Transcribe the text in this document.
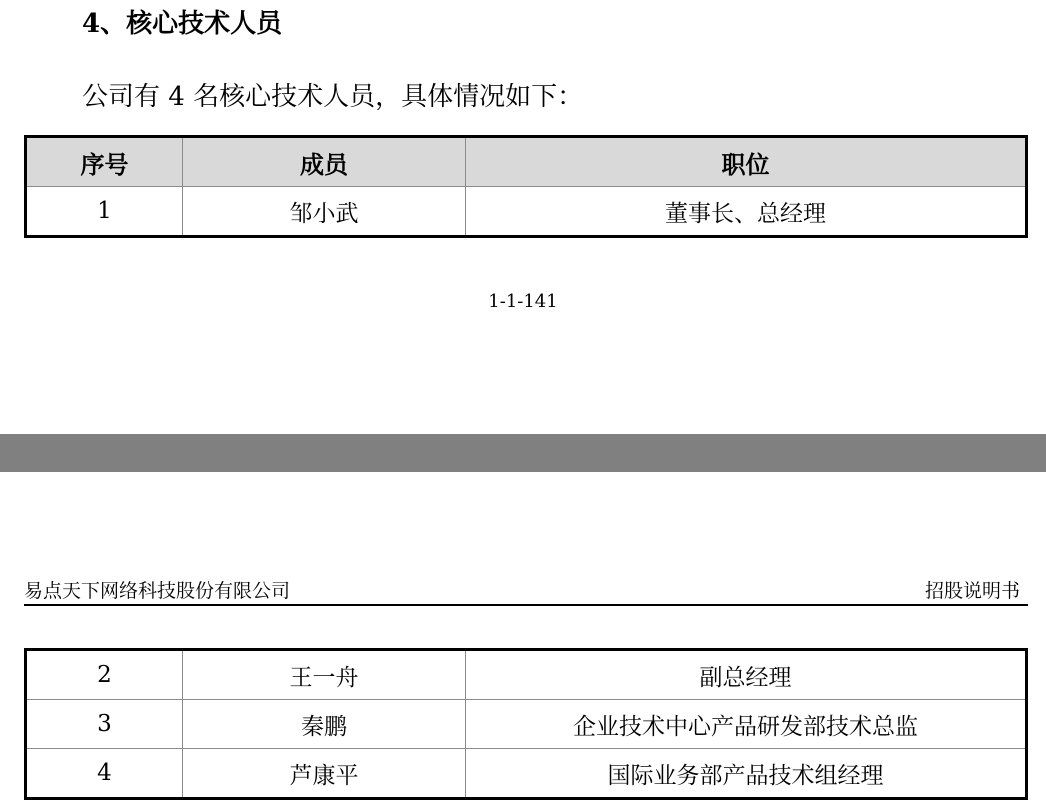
4、核心技术人员
公司有 4 名核心技术人员，具体情况如下：
序号	成员	职位
1	邹小武	董事长、总经理
1-1-141
易点天下网络科技股份有限公司	招股说明书
2	王一舟	副总经理
3	秦鹏	企业技术中心产品研发部技术总监
4	芦康平	国际业务部产品技术组经理
